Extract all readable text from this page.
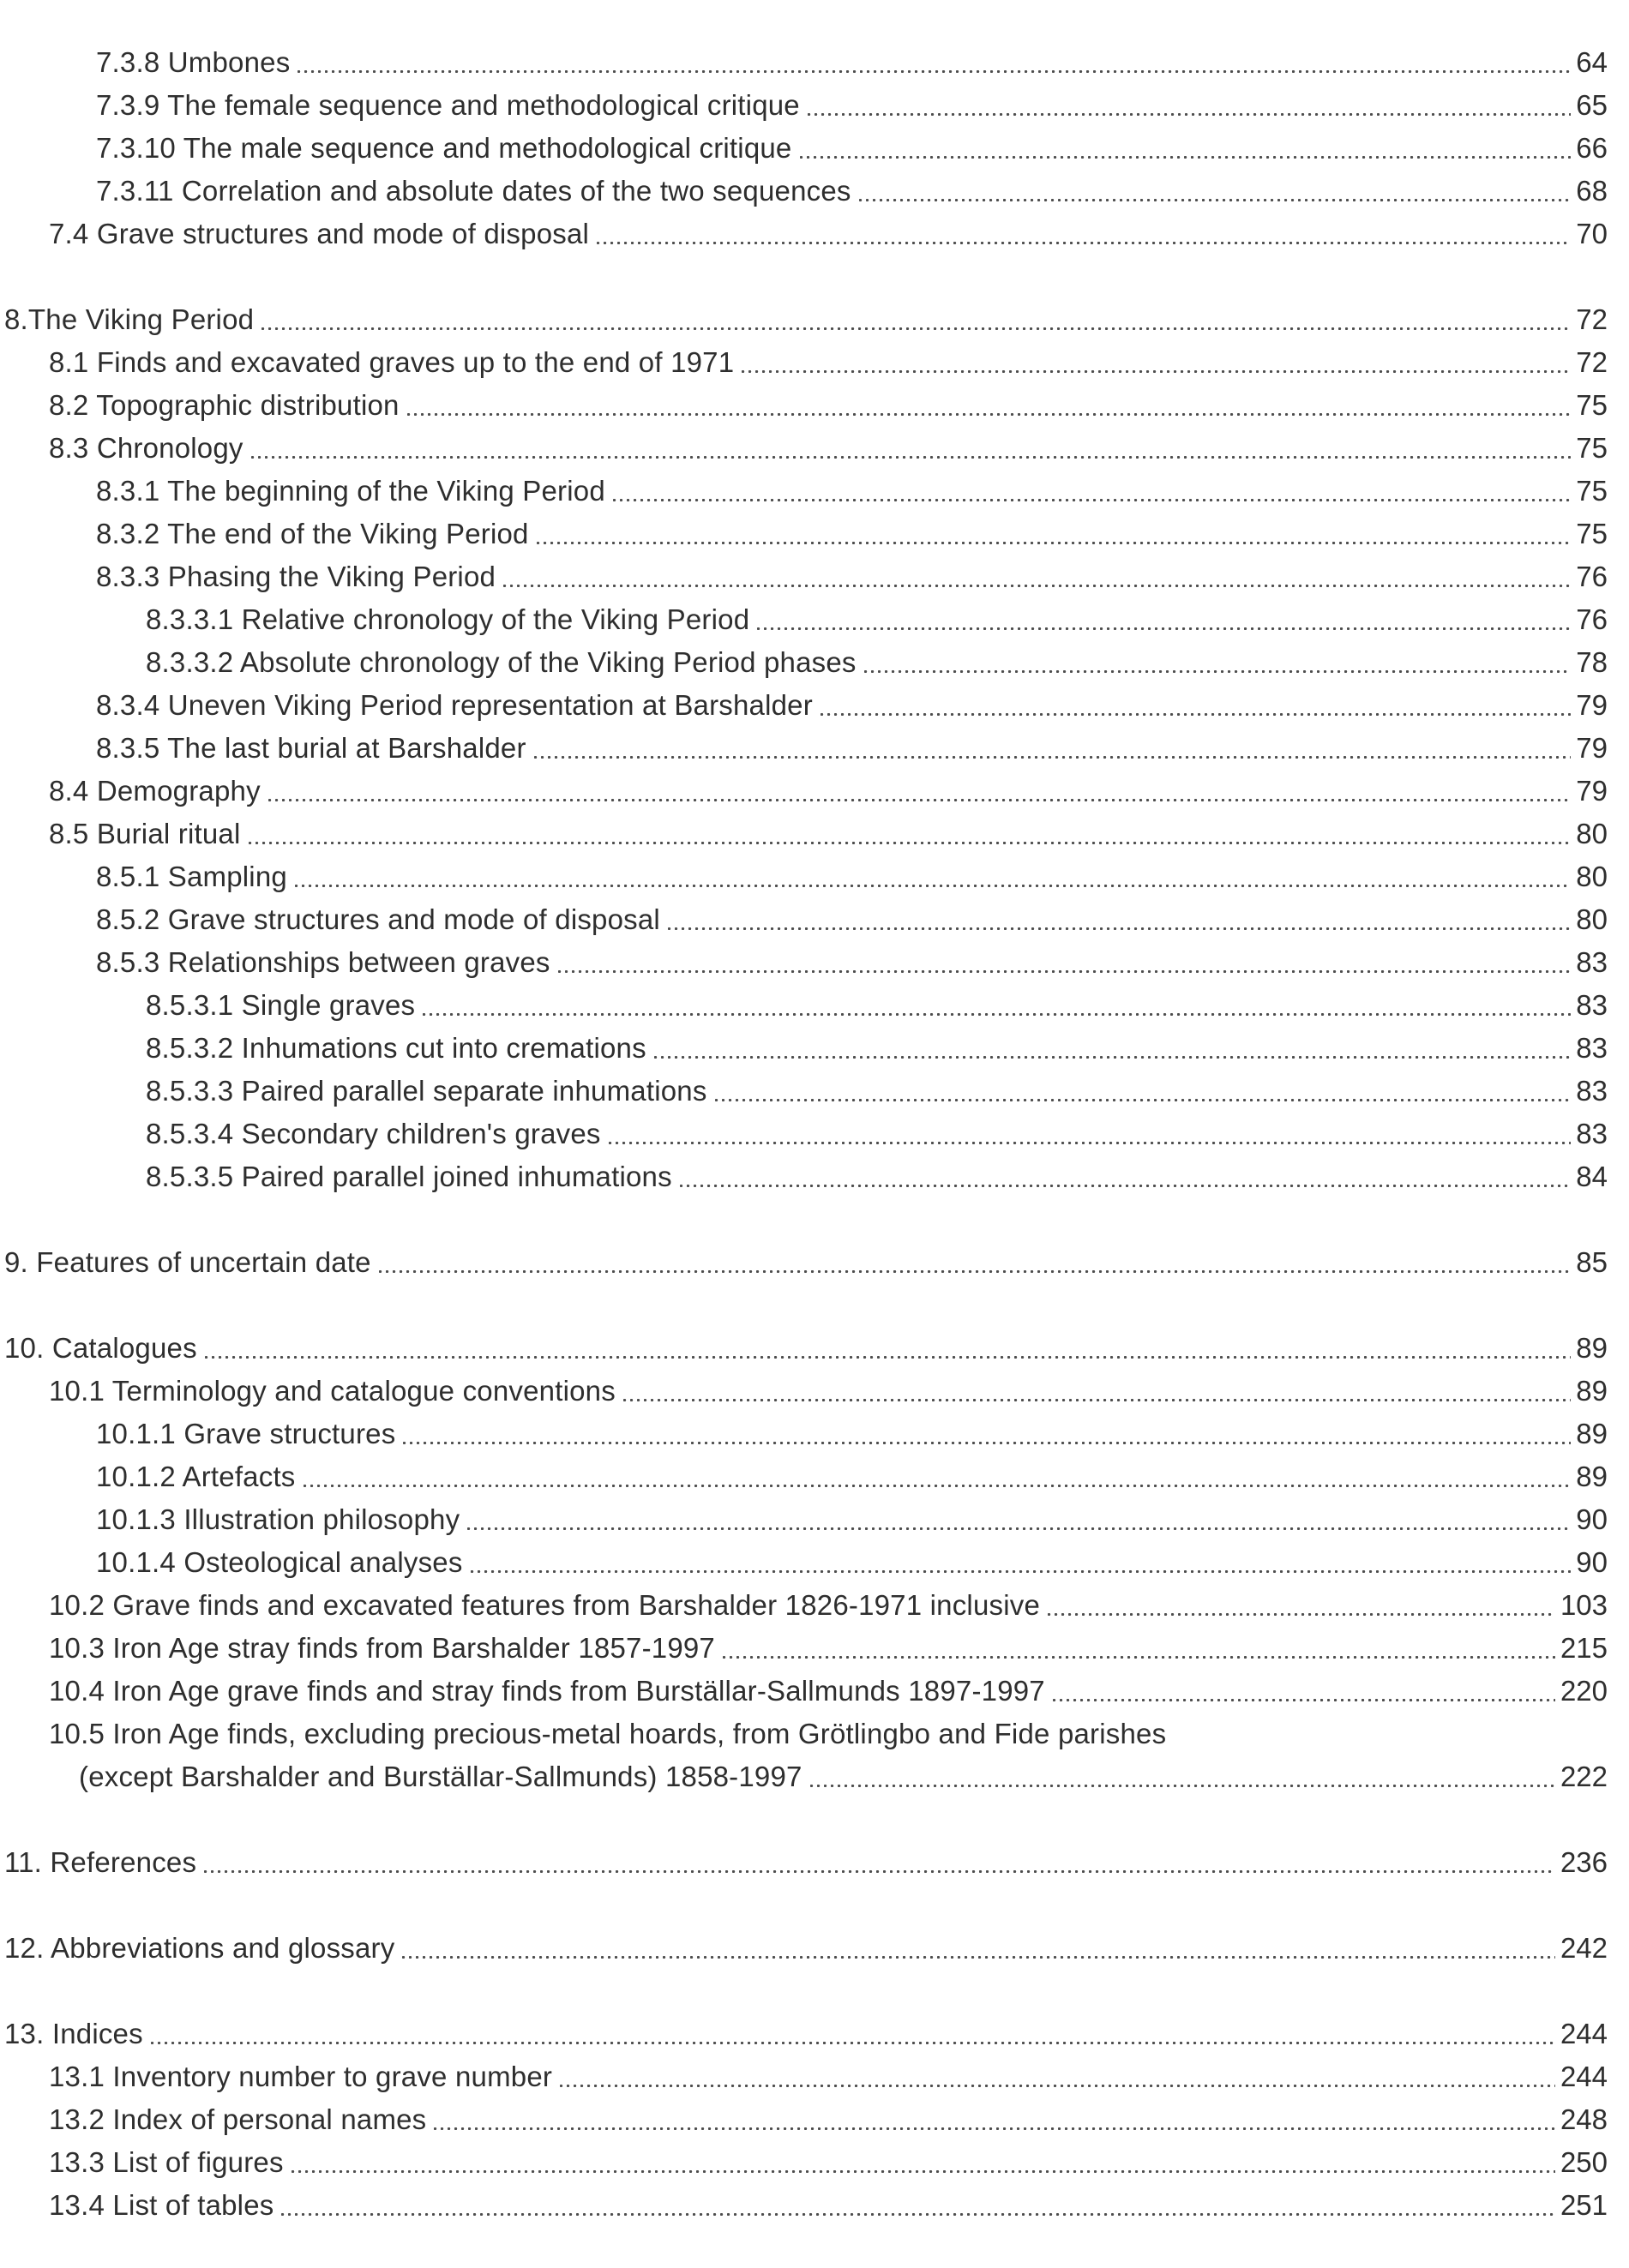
7.3.8 Umbones	64
7.3.9 The female sequence and methodological critique	65
7.3.10 The male sequence and methodological critique	66
7.3.11 Correlation and absolute dates of the two sequences	68
7.4 Grave structures and mode of disposal	70
8.The Viking Period	72
8.1 Finds and excavated graves up to the end of 1971	72
8.2 Topographic distribution	75
8.3 Chronology	75
8.3.1 The beginning of the Viking Period	75
8.3.2 The end of the Viking Period	75
8.3.3 Phasing the Viking Period	76
8.3.3.1 Relative chronology of the Viking Period	76
8.3.3.2 Absolute chronology of the Viking Period phases	78
8.3.4 Uneven Viking Period representation at Barshalder	79
8.3.5 The last burial at Barshalder	79
8.4 Demography	79
8.5 Burial ritual	80
8.5.1 Sampling	80
8.5.2 Grave structures and mode of disposal	80
8.5.3 Relationships between graves	83
8.5.3.1 Single graves	83
8.5.3.2 Inhumations cut into cremations	83
8.5.3.3 Paired parallel separate inhumations	83
8.5.3.4 Secondary children's graves	83
8.5.3.5 Paired parallel joined inhumations	84
9. Features of uncertain date	85
10. Catalogues	89
10.1 Terminology and catalogue conventions	89
10.1.1 Grave structures	89
10.1.2 Artefacts	89
10.1.3 Illustration philosophy	90
10.1.4 Osteological analyses	90
10.2 Grave finds and excavated features from Barshalder 1826-1971 inclusive	103
10.3 Iron Age stray finds from Barshalder 1857-1997	215
10.4 Iron Age grave finds and stray finds from Burställar-Sallmunds 1897-1997	220
10.5 Iron Age finds, excluding precious-metal hoards, from Grötlingbo and Fide parishes
(except Barshalder and Burställar-Sallmunds) 1858-1997	222
11. References	236
12. Abbreviations and glossary	242
13. Indices	244
13.1 Inventory number to grave number	244
13.2 Index of personal names	248
13.3 List of figures	250
13.4 List of tables	251
